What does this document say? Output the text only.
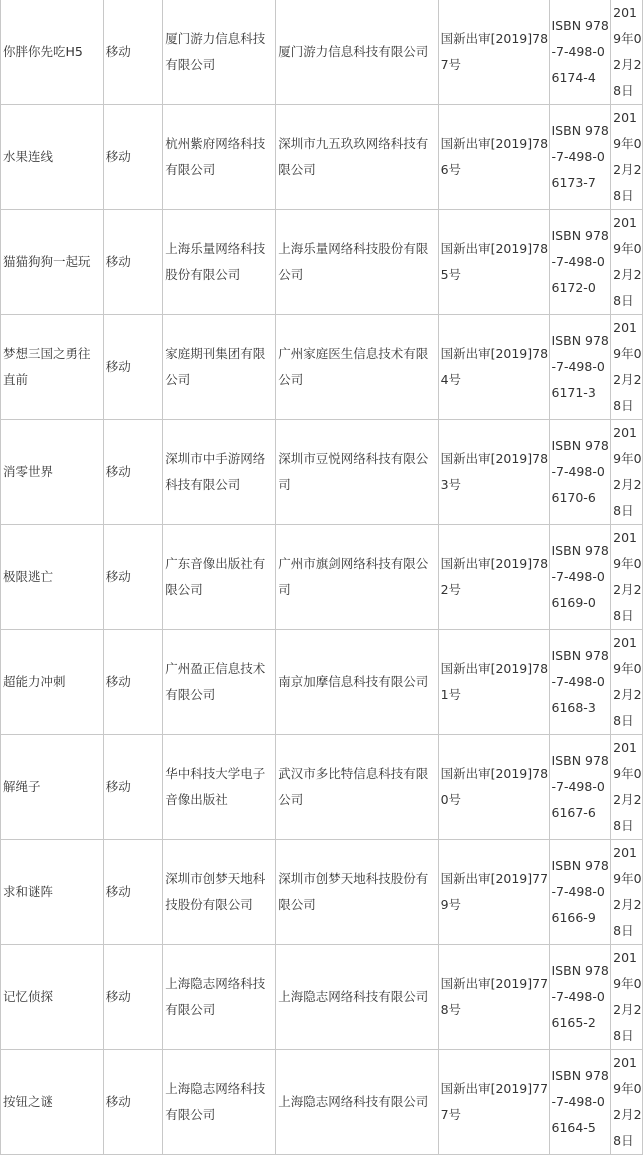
你胖你先吃H5	移动	厦门游力信息科技有限公司	厦门游力信息科技有限公司	国新出审[2019]787号	ISBN 978-7-498-06174-4	2019年02月28日
水果连线	移动	杭州紫府网络科技有限公司	深圳市九五玖玖网络科技有限公司	国新出审[2019]786号	ISBN 978-7-498-06173-7	2019年02月28日
猫猫狗狗一起玩	移动	上海乐量网络科技股份有限公司	上海乐量网络科技股份有限公司	国新出审[2019]785号	ISBN 978-7-498-06172-0	2019年02月28日
梦想三国之勇往直前	移动	家庭期刊集团有限公司	广州家庭医生信息技术有限公司	国新出审[2019]784号	ISBN 978-7-498-06171-3	2019年02月28日
消零世界	移动	深圳市中手游网络科技有限公司	深圳市豆悦网络科技有限公司	国新出审[2019]783号	ISBN 978-7-498-06170-6	2019年02月28日
极限逃亡	移动	广东音像出版社有限公司	广州市旗剑网络科技有限公司	国新出审[2019]782号	ISBN 978-7-498-06169-0	2019年02月28日
超能力冲刺	移动	广州盈正信息技术有限公司	南京加摩信息科技有限公司	国新出审[2019]781号	ISBN 978-7-498-06168-3	2019年02月28日
解绳子	移动	华中科技大学电子音像出版社	武汉市多比特信息科技有限公司	国新出审[2019]780号	ISBN 978-7-498-06167-6	2019年02月28日
求和谜阵	移动	深圳市创梦天地科技股份有限公司	深圳市创梦天地科技股份有限公司	国新出审[2019]779号	ISBN 978-7-498-06166-9	2019年02月28日
记忆侦探	移动	上海隐志网络科技有限公司	上海隐志网络科技有限公司	国新出审[2019]778号	ISBN 978-7-498-06165-2	2019年02月28日
按钮之谜	移动	上海隐志网络科技有限公司	上海隐志网络科技有限公司	国新出审[2019]777号	ISBN 978-7-498-06164-5	2019年02月28日
